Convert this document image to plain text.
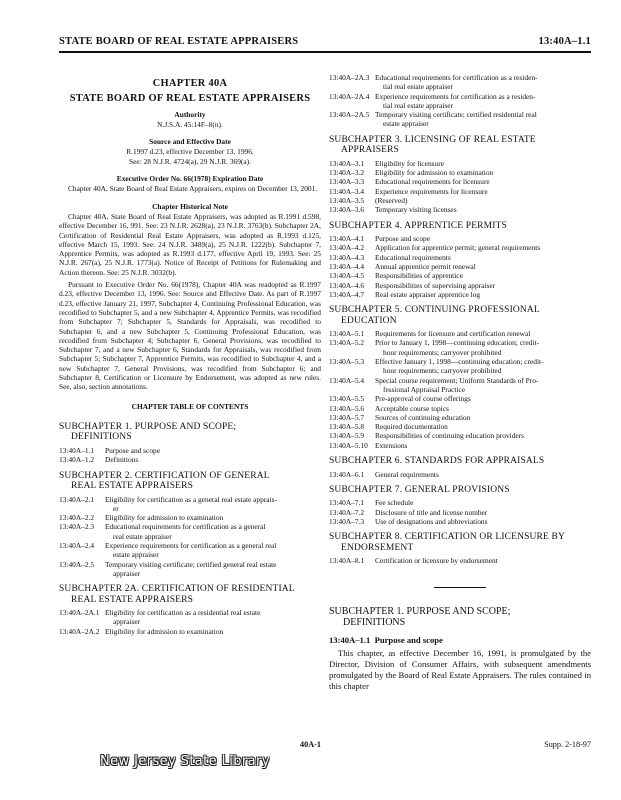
STATE BOARD OF REAL ESTATE APPRAISERS	13:40A–1.1
CHAPTER 40A
STATE BOARD OF REAL ESTATE APPRAISERS
Authority
N.J.S.A. 45:14F–8(n).
Source and Effective Date
R.1997 d.23, effective December 13, 1996.
See: 28 N.J.R. 4724(a), 29 N.J.R. 369(a).
Executive Order No. 66(1978) Expiration Date
Chapter 40A, State Board of Real Estate Appraisers, expires on December 13, 2001.
Chapter Historical Note
Chapter 40A, State Board of Real Estate Appraisers, was adopted as R.1991 d.598, effective December 16, 991. See: 23 N.J.R. 2628(a), 23 N.J.R. 3763(b). Subchapter 2A, Certification of Residential Real Estate Appraisers, was adopted as R.1993 d.125, effective March 15, 1993. See: 24 N.J.R. 3489(a), 25 N.J.R. 1222(b). Subchapter 7, Apprentice Permits, was adopted as R.1993 d.177, effective April 19, 1993. See: 25 N.J.R. 267(a), 25 N.J.R. 1773(a). Notice of Receipt of Petitions for Rulemaking and Action thereon. See: 25 N.J.R. 3032(b).
Pursuant to Executive Order No. 66(1978), Chapter 40A was readopted as R.1997 d.23, effective December 13, 1996. See: Source and Effective Date. As part of R.1997 d.23, effective January 21, 1997, Subchapter 4, Continuing Professional Education, was recodified to Subchapter 5, and a new Subchapter 4, Apprentice Permits, was recodified from Subchapter 7; Subchapter 5, Standards for Appraisals, was recodified to Subchapter 6, and a new Subchapter 5, Continuing Professional Education, was recodified from Subchapter 4; Subchapter 6, General Provisions, was recodified to Subchapter 7, and a new Subchapter 6, Standards for Appraisals, was recodified from Subchapter 5; Subchapter 7, Apprentice Permits, was recodified to Subchapter 4, and a new Subchapter 7, General Provisions, was recodified from Subchapter 6; and Subchapter 8, Certification or Licensure by Endorsement, was adopted as new rules. See, also, section annotations.
CHAPTER TABLE OF CONTENTS
SUBCHAPTER 1. PURPOSE AND SCOPE;
DEFINITIONS
13:40A–1.1	Purpose and scope
13:40A–1.2	Definitions
SUBCHAPTER 2. CERTIFICATION OF GENERAL
REAL ESTATE APPRAISERS
13:40A–2.1	Eligibility for certification as a general real estate apprais-
er
13:40A–2.2	Eligibility for admission to examination
13:40A–2.3	Educational requirements for certification as a general
real estate appraiser
13:40A–2.4	Experience requirements for certification as a general real
estate appraiser
13:40A–2.5	Temporary visiting certificate; certified general real estate
appraiser
SUBCHAPTER 2A. CERTIFICATION OF RESIDENTIAL
REAL ESTATE APPRAISERS
13:40A–2A.1 Eligibility for certification as a residential real estate
appraiser
13:40A–2A.2 Eligibility for admission to examination
13:40A–2A.3 Educational requirements for certification as a residen-
tial real estate appraiser
13:40A–2A.4 Experience requirements for certification as a residen-
tial real estate appraiser
13:40A–2A.5 Temporary visiting certificate; certified residential real
estate appraiser
SUBCHAPTER 3. LICENSING OF REAL ESTATE
APPRAISERS
13:40A–3.1	Eligibility for licensure
13:40A–3.2	Eligibility for admission to examination
13:40A–3.3	Educational requirements for licensure
13:40A–3.4	Experience requirements for licensure
13:40A–3.5	(Reserved)
13:40A–3.6	Temporary visiting licenses
SUBCHAPTER 4. APPRENTICE PERMITS
13:40A–4.1	Purpose and scope
13:40A–4.2	Application for apprentice permit; general requirements
13:40A–4.3	Educational requirements
13:40A–4.4	Annual apprentice permit renewal
13:40A–4.5	Responsibilities of apprentice
13:40A–4.6	Responsibilities of supervising appraiser
13:40A–4.7	Real estate appraiser apprentice log
SUBCHAPTER 5. CONTINUING PROFESSIONAL
EDUCATION
13:40A–5.1	Requirements for licensure and certification renewal
13:40A–5.2	Prior to January 1, 1998—continuing education; credit-
hour requirements; carryover prohibited
13:40A–5.3	Effective January 1, 1998—continuing education; credit-
hour requirements; carryover prohibited
13:40A–5.4	Special course requirement; Uniform Standards of Pro-
fessional Appraisal Practice
13:40A–5.5	Pre-approval of course offerings
13:40A–5.6	Acceptable course topics
13:40A–5.7	Sources of continuing education
13:40A–5.8	Required documentation
13:40A–5.9	Responsibilities of continuing education providers
13:40A–5.10 Extensions
SUBCHAPTER 6. STANDARDS FOR APPRAISALS
13:40A–6.1	General requirements
SUBCHAPTER 7. GENERAL PROVISIONS
13:40A–7.1	Fee schedule
13:40A–7.2	Disclosure of title and license number
13:40A–7.3	Use of designations and abbreviations
SUBCHAPTER 8. CERTIFICATION OR LICENSURE BY
ENDORSEMENT
13:40A–8.1	Certification or licensure by endorsement
SUBCHAPTER 1. PURPOSE AND SCOPE;
DEFINITIONS
13:40A–1.1 Purpose and scope
This chapter, as effective December 16, 1991, is promulgated by the Director, Division of Consumer Affairs, with subsequent amendments promulgated by the Board of Real Estate Appraisers. The rules contained in this chapter
40A-1	Supp. 2-18-97
New Jersey State Library
